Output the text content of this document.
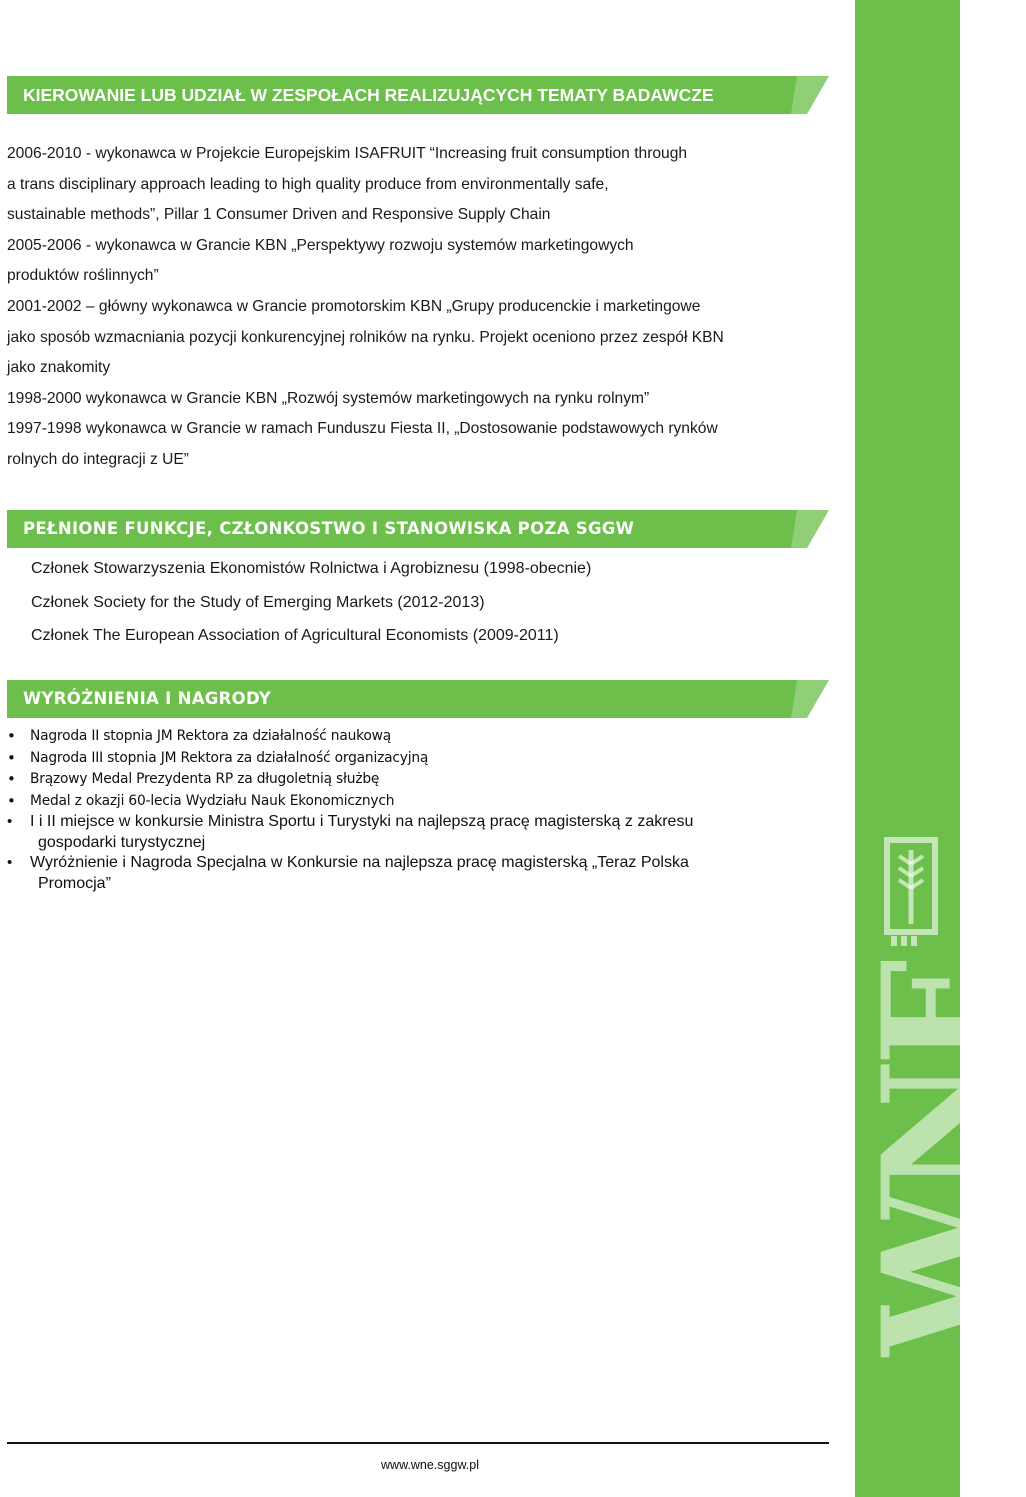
WNE
KIEROWANIE LUB UDZIAŁ W ZESPOŁACH REALIZUJĄCYCH TEMATY BADAWCZE
2006-2010 - wykonawca w Projekcie Europejskim ISAFRUIT “Increasing fruit consumption through
a trans disciplinary approach leading to high quality produce from environmentally safe,
sustainable methods”, Pillar 1 Consumer Driven and Responsive Supply Chain
2005-2006 - wykonawca w Grancie KBN „Perspektywy rozwoju systemów marketingowych
produktów roślinnych”
2001-2002 – główny wykonawca w Grancie promotorskim KBN „Grupy producenckie i marketingowe
jako sposób wzmacniania pozycji konkurencyjnej rolników na rynku. Projekt oceniono przez zespół KBN
jako znakomity
1998-2000 wykonawca w Grancie KBN „Rozwój systemów marketingowych na rynku rolnym”
1997-1998 wykonawca w Grancie w ramach Funduszu Fiesta II, „Dostosowanie podstawowych rynków
rolnych do integracji z UE”
PEŁNIONE FUNKCJE, CZŁONKOSTWO I STANOWISKA POZA SGGW
Członek Stowarzyszenia Ekonomistów Rolnictwa i Agrobiznesu (1998-obecnie)
Członek Society for the Study of Emerging Markets (2012-2013)
Członek The European Association of Agricultural Economists (2009-2011)
WYRÓŻNIENIA I NAGRODY
• Nagroda II stopnia JM Rektora za działalność naukową
• Nagroda III stopnia JM Rektora za działalność organizacyjną
• Brązowy Medal Prezydenta RP za długoletnią służbę
• Medal z okazji 60-lecia Wydziału Nauk Ekonomicznych
• I i II miejsce w konkursie Ministra Sportu i Turystyki na najlepszą pracę magisterską z zakresu
gospodarki turystycznej
• Wyróżnienie i Nagroda Specjalna w Konkursie na najlepsza pracę magisterską „Teraz Polska
Promocja”
www.wne.sggw.pl
